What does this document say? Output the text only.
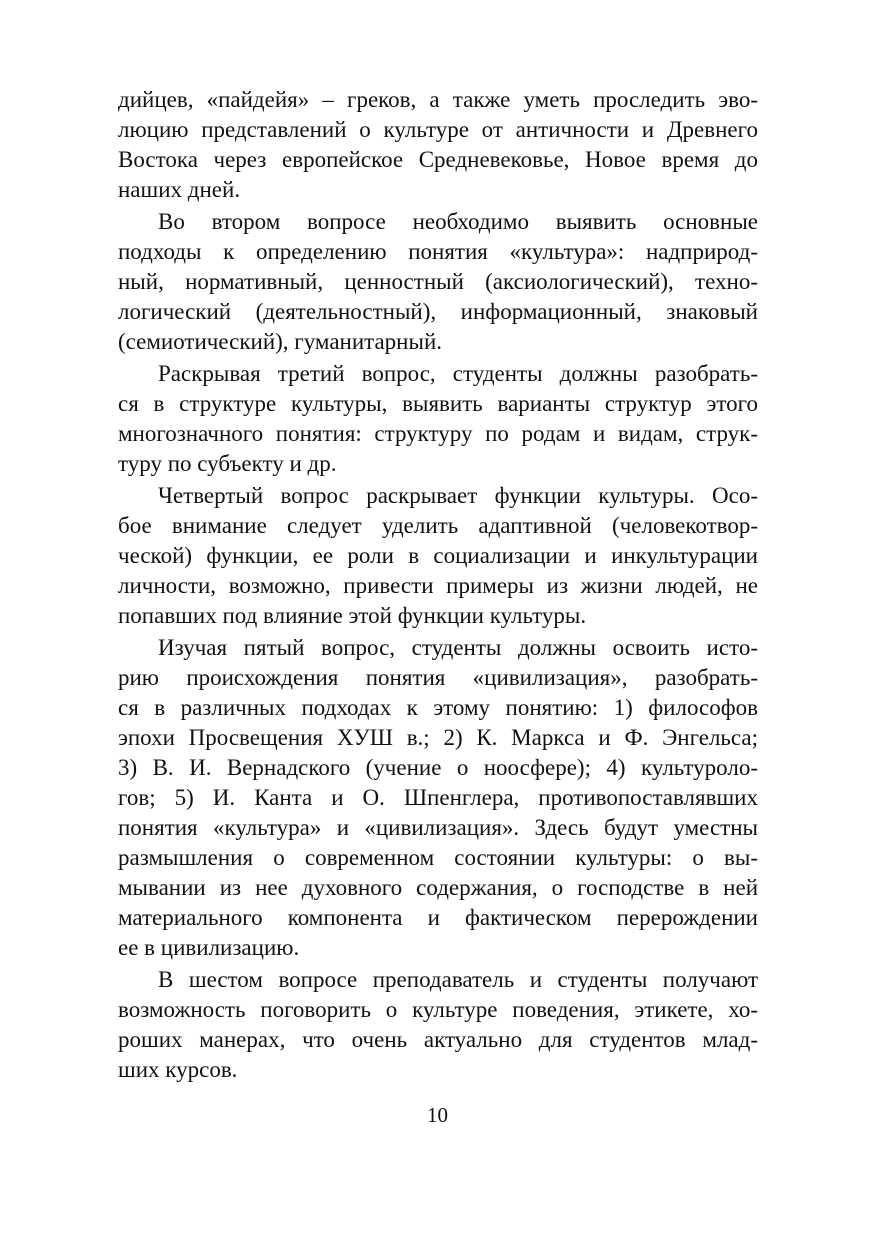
дийцев, «пайдейя» – греков, а также уметь проследить эво-
люцию представлений о культуре от античности и Древнего
Востока через европейское Средневековье, Новое время до
наших дней.
Во втором вопросе необходимо выявить основные
подходы к определению понятия «культура»: надприрод-
ный, нормативный, ценностный (аксиологический), техно-
логический (деятельностный), информационный, знаковый
(семиотический), гуманитарный.
Раскрывая третий вопрос, студенты должны разобрать-
ся в структуре культуры, выявить варианты структур этого
многозначного понятия: структуру по родам и видам, струк-
туру по субъекту и др.
Четвертый вопрос раскрывает функции культуры. Осо-
бое внимание следует уделить адаптивной (человекотвор-
ческой) функции, ее роли в социализации и инкультурации
личности, возможно, привести примеры из жизни людей, не
попавших под влияние этой функции культуры.
Изучая пятый вопрос, студенты должны освоить исто-
рию происхождения понятия «цивилизация», разобрать-
ся в различных подходах к этому понятию: 1) философов
эпохи Просвещения ХУШ в.; 2) К. Маркса и Ф. Энгельса;
3) В. И. Вернадского (учение о ноосфере); 4) культуроло-
гов; 5) И. Канта и О. Шпенглера, противопоставлявших
понятия «культура» и «цивилизация». Здесь будут уместны
размышления о современном состоянии культуры: о вы-
мывании из нее духовного содержания, о господстве в ней
материального компонента и фактическом перерождении
ее в цивилизацию.
В шестом вопросе преподаватель и студенты получают
возможность поговорить о культуре поведения, этикете, хо-
роших манерах, что очень актуально для студентов млад-
ших курсов.
10
